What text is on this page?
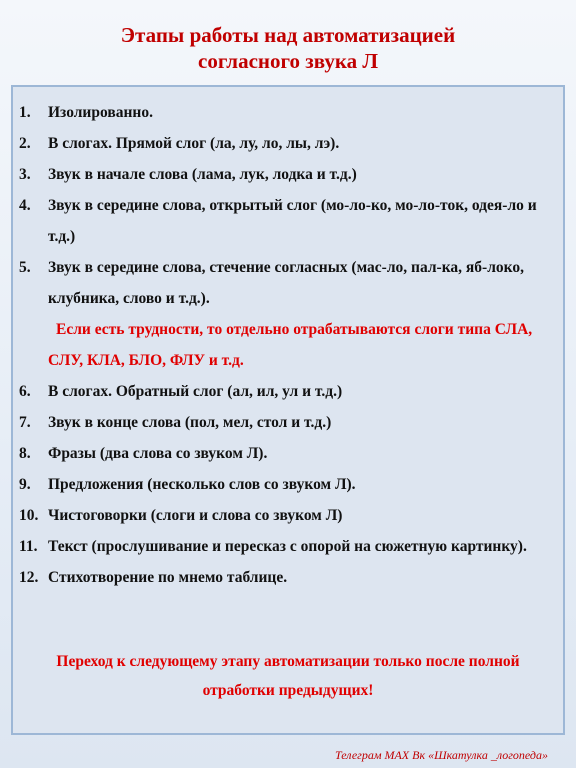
Этапы работы над автоматизацией
согласного звука Л
1. Изолированно.
2. В слогах. Прямой слог (ла, лу, ло, лы, лэ).
3. Звук в начале слова (лама, лук, лодка и т.д.)
4. Звук в середине слова, открытый слог (мо-ло-ко, мо-ло-ток, одея-ло и т.д.)
5. Звук в середине слова, стечение согласных (мас-ло, пал-ка, яб-локо, клубника, слово и т.д.).
Если есть трудности, то отдельно отрабатываются слоги типа СЛА, СЛУ, КЛА, БЛО, ФЛУ и т.д.
6. В слогах. Обратный слог (ал, ил, ул и т.д.)
7. Звук в конце слова (пол, мел, стол и т.д.)
8. Фразы (два слова со звуком Л).
9. Предложения (несколько слов со звуком Л).
10. Чистоговорки (слоги и слова со звуком Л)
11. Текст (прослушивание и пересказ с опорой на сюжетную картинку).
12. Стихотворение по мнемо таблице.
Переход к следующему этапу автоматизации только после полной
отработки предыдущих!
Телеграм МАХ Вк «Шкатулка _логопеда»
